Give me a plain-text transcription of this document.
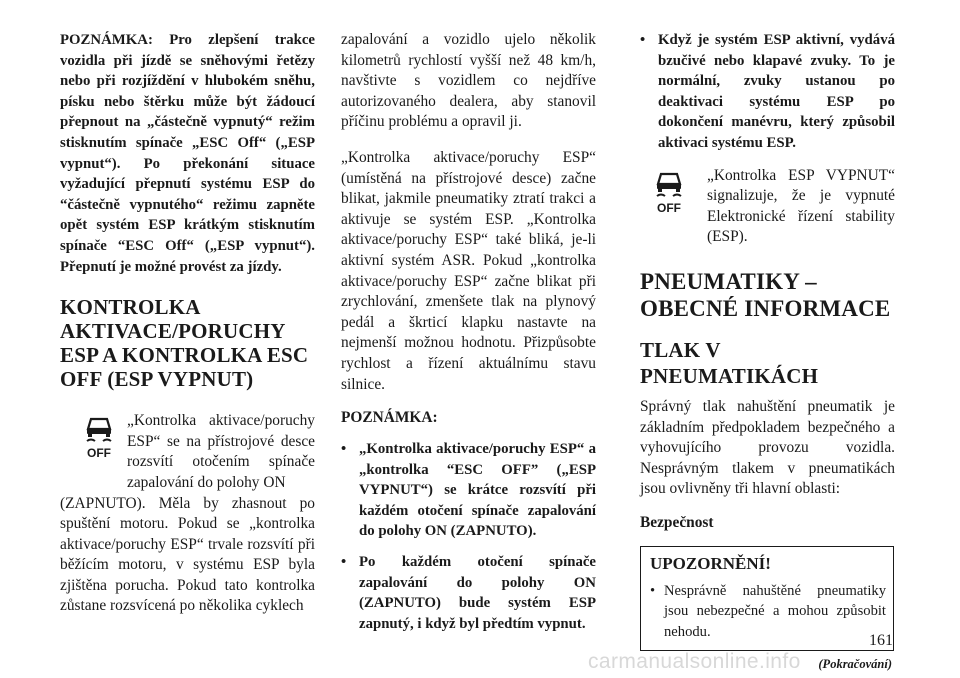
POZNÁMKA: Pro zlepšení trakce vozidla při jízdě se sněhovými řetězy nebo při rozjíždění v hlubokém sněhu, písku nebo štěrku může být žádoucí přepnout na „částečně vypnutý“ režim stisknutím spínače „ESC Off“ („ESP vypnut“). Po překonání situace vyžadující přepnutí systému ESP do “částečně vypnutého“ režimu zapněte opět systém ESP krátkým stisknutím spínače “ESC Off“ („ESP vypnut“). Přepnutí je možné provést za jízdy.

KONTROLKA AKTIVACE/PORUCHY ESP A KONTROLKA ESC OFF (ESP VYPNUT)
OFF

„Kontrolka aktivace/poruchy ESP“ se na přístrojové desce rozsvítí otočením spínače zapalování do polohy ON

(ZAPNUTO). Měla by zhasnout po spuštění motoru. Pokud se „kontrolka aktivace/poruchy ESP“ trvale rozsvítí při běžícím motoru, v systému ESP byla zjištěna porucha. Pokud tato kontrolka zůstane rozsvícená po několika cyklech

zapalování a vozidlo ujelo několik kilometrů rychlostí vyšší než 48 km/h, navštivte s vozidlem co nejdříve autorizovaného dealera, aby stanovil příčinu problému a opravil ji.

„Kontrolka aktivace/poruchy ESP“ (umístěná na přístrojové desce) začne blikat, jakmile pneumatiky ztratí trakci a aktivuje se systém ESP. „Kontrolka aktivace/poruchy ESP“ také bliká, je-li aktivní systém ASR. Pokud „kontrolka aktivace/poruchy ESP“ začne blikat při zrychlování, zmenšete tlak na plynový pedál a škrticí klapku nastavte na nejmenší možnou hodnotu. Přizpůsobte rychlost a řízení aktuálnímu stavu silnice.

POZNÁMKA:

• „Kontrolka aktivace/poruchy ESP“ a „kontrolka “ESC OFF” („ESP VYPNUT“) se krátce rozsvítí při každém otočení spínače zapalování do polohy ON (ZAPNUTO).
• Po každém otočení spínače zapalování do polohy ON (ZAPNUTO) bude systém ESP zapnutý, i když byl předtím vypnut.
• Když je systém ESP aktivní, vydává bzučivé nebo klapavé zvuky. To je normální, zvuky ustanou po deaktivaci systému ESP po dokončení manévru, který způsobil aktivaci systému ESP.
OFF

„Kontrolka ESP VYPNUT“ signalizuje, že je vypnuté Elektronické řízení stability (ESP).

PNEUMATIKY – OBECNÉ INFORMACE
TLAK V PNEUMATIKÁCH

Správný tlak nahuštění pneumatik je základním předpokladem bezpečného a vyhovujícího provozu vozidla. Nesprávným tlakem v pneumatikách jsou ovlivněny tři hlavní oblasti:

Bezpečnost

UPOZORNĚNÍ!
• Nesprávně nahuštěné pneumatiky jsou nebezpečné a mohou způsobit nehodu.
(Pokračování)
161
carmanualsonline.info
